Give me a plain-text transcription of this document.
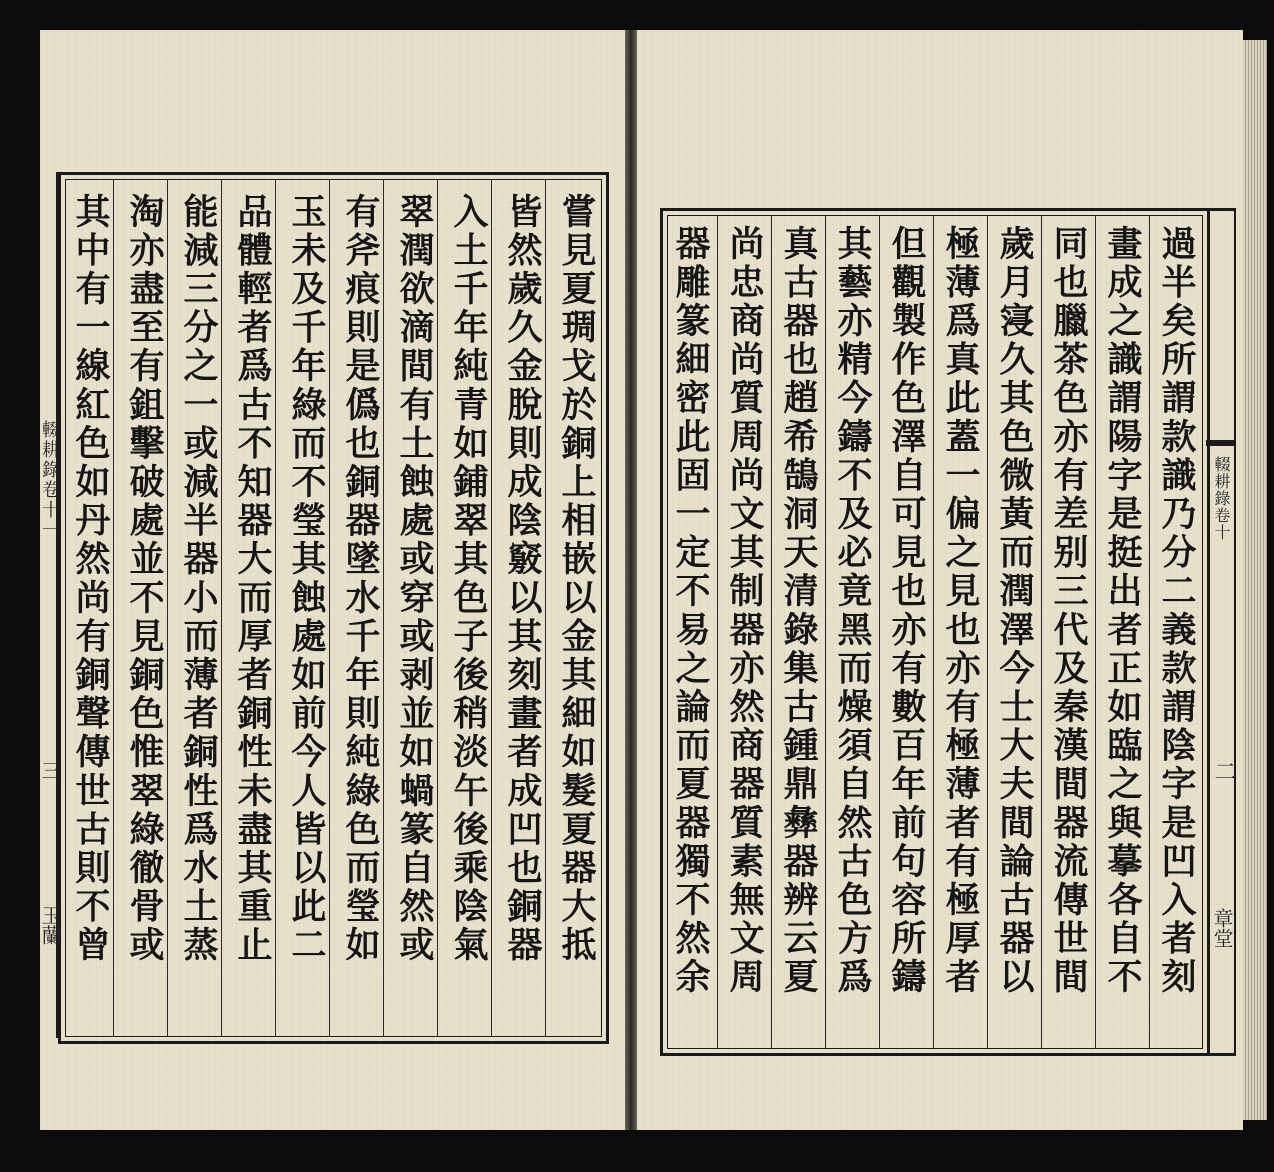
嘗見夏琱戈於銅上相嵌以金其細如髮夏器大抵
皆然歲久金脫則成陰竅以其刻畫者成凹也銅器
入土千年純青如鋪翠其色子後稍淡午後乘陰氣
翠潤欲滴間有土蝕處或穿或剥並如蝸篆自然或
有斧痕則是僞也銅器墜水千年則純綠色而瑩如
玉未及千年綠而不瑩其蝕處如前今人皆以此二
品體輕者爲古不知器大而厚者銅性未盡其重止
能減三分之一或減半器小而薄者銅性爲水土蒸
淘亦盡至有鉏擊破處並不見銅色惟翠綠徹骨或
其中有一線紅色如丹然尚有銅聲傳世古則不曾
輟耕錄卷十一
三
玉蘭	過半矣所謂款識乃分二義款謂陰字是凹入者刻
畫成之識謂陽字是挺出者正如臨之與摹各自不
同也臘茶色亦有差别三代及秦漢間器流傳世間
歲月寖久其色微黃而潤澤今士大夫間論古器以
極薄爲真此蓋一偏之見也亦有極薄者有極厚者
但觀製作色澤自可見也亦有數百年前句容所鑄
其藝亦精今鑄不及必竟黑而燥須自然古色方爲
真古器也趙希鵠洞天清錄集古鍾鼎彝器辨云夏
尚忠商尚質周尚文其制器亦然商器質素無文周
器雕篆細密此固一定不易之論而夏器獨不然余	輟耕錄卷十
二
章堂
